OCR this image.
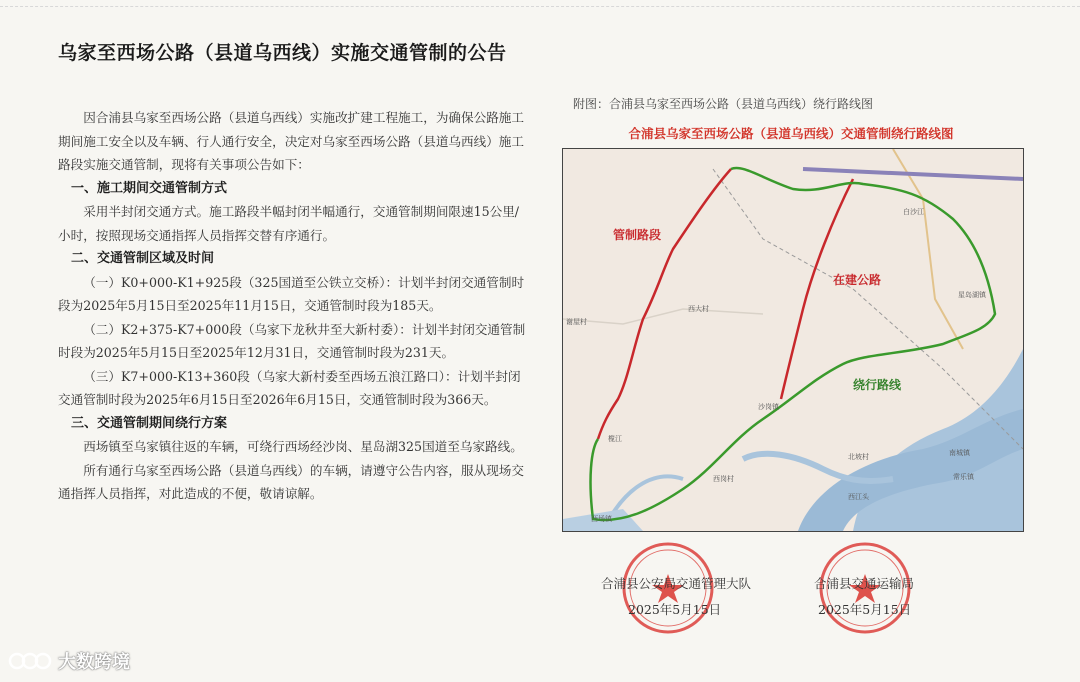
乌家至西场公路（县道乌西线）实施交通管制的公告

因合浦县乌家至西场公路（县道乌西线）实施改扩建工程施工，为确保公路施工期间施工安全以及车辆、行人通行安全，决定对乌家至西场公路（县道乌西线）施工路段实施交通管制，现将有关事项公告如下：

一、施工期间交通管制方式

采用半封闭交通方式。施工路段半幅封闭半幅通行，交通管制期间限速15公里/小时，按照现场交通指挥人员指挥交替有序通行。

二、交通管制区域及时间

（一）K0+000-K1+925段（325国道至公铁立交桥）：计划半封闭交通管制时段为2025年5月15日至2025年11月15日，交通管制时段为185天。

（二）K2+375-K7+000段（乌家下龙秋井至大新村委）：计划半封闭交通管制时段为2025年5月15日至2025年12月31日，交通管制时段为231天。

（三）K7+000-K13+360段（乌家大新村委至西场五浪江路口）：计划半封闭交通管制时段为2025年6月15日至2026年6月15日，交通管制时段为366天。

三、交通管制期间绕行方案

西场镇至乌家镇往返的车辆，可绕行西场经沙岗、星岛湖325国道至乌家路线。

所有通行乌家至西场公路（县道乌西线）的车辆，请遵守公告内容，服从现场交通指挥人员指挥，对此造成的不便，敬请谅解。

附图：合浦县乌家至西场公路（县道乌西线）绕行路线图
合浦县乌家至西场公路（县道乌西线）交通管制绕行路线图
管制路段
在建公路
绕行路线
西大村
沙岗镇
西场镇
西江头
北坡村	南城镇
常乐镇
星岛湖镇
谢屋村
西岗村
榄江
白沙江
合浦县公安局交通管理大队
2025年5月15日
合浦县交通运输局
2025年5月15日
大数跨境
